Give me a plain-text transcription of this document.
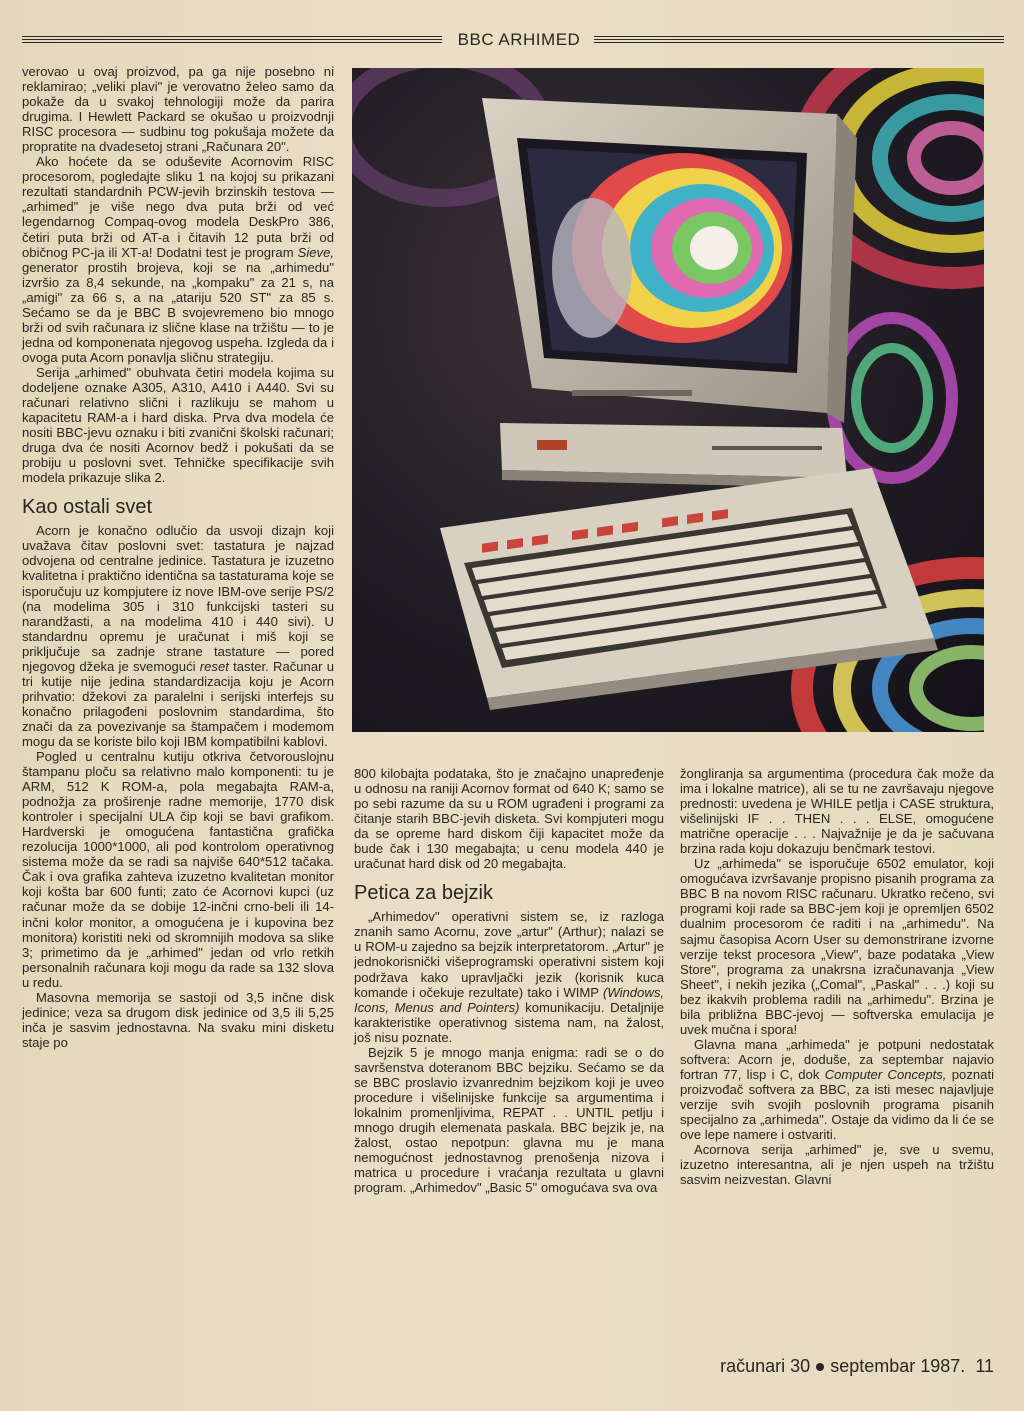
BBC ARHIMED

verovao u ovaj proizvod, pa ga nije posebno ni reklamirao; „veliki plavi" je verovatno želeo samo da pokaže da u svakoj tehnologiji može da parira drugima. I Hewlett Packard se okušao u proizvodnji RISC procesora — sudbinu tog pokušaja možete da propratite na dvadesetoj strani „Računara 20".

Ako hoćete da se oduševite Acornovim RISC procesorom, pogledajte sliku 1 na kojoj su prikazani rezultati standardnih PCW-jevih brzinskih testova — „arhimed" je više nego dva puta brži od već legendarnog Compaq-ovog modela DeskPro 386, četiri puta brži od AT-a i čitavih 12 puta brži od običnog PC-ja ili XT-a! Dodatni test je program Sieve, generator prostih brojeva, koji se na „arhimedu" izvršio za 8,4 sekunde, na „kompaku" za 21 s, na „amigi" za 66 s, a na „atariju 520 ST" za 85 s. Sećamo se da je BBC B svojevremeno bio mnogo brži od svih računara iz slične klase na tržištu — to je jedna od komponenata njegovog uspeha. Izgleda da i ovoga puta Acorn ponavlja sličnu strategiju.

Serija „arhimed" obuhvata četiri modela kojima su dodeljene oznake A305, A310, A410 i A440. Svi su računari relativno slični i razlikuju se mahom u kapacitetu RAM-a i hard diska. Prva dva modela će nositi BBC-jevu oznaku i biti zvanični školski računari; druga dva će nositi Acornov bedž i pokušati da se probiju u poslovni svet. Tehničke specifikacije svih modela prikazuje slika 2.

Kao ostali svet

Acorn je konačno odlučio da usvoji dizajn koji uvažava čitav poslovni svet: tastatura je najzad odvojena od centralne jedinice. Tastatura je izuzetno kvalitetna i praktično identična sa tastaturama koje se isporučuju uz kompjutere iz nove IBM-ove serije PS/2 (na modelima 305 i 310 funkcijski tasteri su narandžasti, a na modelima 410 i 440 sivi). U standardnu opremu je uračunat i miš koji se priključuje sa zadnje strane tastature — pored njegovog džeka je svemogući reset taster. Računar u tri kutije nije jedina standardizacija koju je Acorn prihvatio: džekovi za paralelni i serijski interfejs su konačno prilagođeni poslovnim standardima, što znači da za povezivanje sa štampačem i modemom mogu da se koriste bilo koji IBM kompatibilni kablovi.

Pogled u centralnu kutiju otkriva četvorouslojnu štampanu ploču sa relativno malo komponenti: tu je ARM, 512 K ROM-a, pola megabajta RAM-a, podnožja za proširenje radne memorije, 1770 disk kontroler i specijalni ULA čip koji se bavi grafikom. Hardverski je omogućena fantastična grafička rezolucija 1000*1000, ali pod kontrolom operativnog sistema može da se radi sa najviše 640*512 tačaka. Čak i ova grafika zahteva izuzetno kvalitetan monitor koji košta bar 600 funti; zato će Acornovi kupci (uz računar može da se dobije 12-inčni crno-beli ili 14-inčni kolor monitor, a omogućena je i kupovina bez monitora) koristiti neki od skromnijih modova sa slike 3; primetimo da je „arhimed" jedan od vrlo retkih personalnih računara koji mogu da rade sa 132 slova u redu.

Masovna memorija se sastoji od 3,5 inčne disk jedinice; veza sa drugom disk jedinice od 3,5 ili 5,25 inča je sasvim jednostavna. Na svaku mini disketu staje po

800 kilobajta podataka, što je značajno unapređenje u odnosu na raniji Acornov format od 640 K; samo se po sebi razume da su u ROM ugrađeni i programi za čitanje starih BBC-jevih disketa. Svi kompjuteri mogu da se opreme hard diskom čiji kapacitet može da bude čak i 130 megabajta; u cenu modela 440 je uračunat hard disk od 20 megabajta.

Petica za bejzik

„Arhimedov" operativni sistem se, iz razloga znanih samo Acornu, zove „artur" (Arthur); nalazi se u ROM-u zajedno sa bejzik interpretatorom. „Artur" je jednokorisnički višeprogramski operativni sistem koji podržava kako upravljački jezik (korisnik kuca komande i očekuje rezultate) tako i WIMP (Windows, Icons, Menus and Pointers) komunikaciju. Detaljnije karakteristike operativnog sistema nam, na žalost, još nisu poznate.

Bejzik 5 je mnogo manja enigma: radi se o do savršenstva doteranom BBC bejziku. Sećamo se da se BBC proslavio izvanrednim bejzikom koji je uveo procedure i višelinijske funkcije sa argumentima i lokalnim promenljivima, REPAT . . UNTIL petlju i mnogo drugih elemenata paskala. BBC bejzik je, na žalost, ostao nepotpun: glavna mu je mana nemogućnost jednostavnog prenošenja nizova i matrica u procedure i vraćanja rezultata u glavni program. „Arhimedov" „Basic 5" omogućava sva ova

žongliranja sa argumentima (procedura čak može da ima i lokalne matrice), ali se tu ne završavaju njegove prednosti: uvedena je WHILE petlja i CASE struktura, višelinijski IF . . THEN . . . ELSE, omogućene matrične operacije . . . Najvažnije je da je sačuvana brzina rada koju dokazuju benčmark testovi.

Uz „arhimeda" se isporučuje 6502 emulator, koji omogućava izvršavanje propisno pisanih programa za BBC B na novom RISC računaru. Ukratko rečeno, svi programi koji rade sa BBC-jem koji je opremljen 6502 dualnim procesorom će raditi i na „arhimedu". Na sajmu časopisa Acorn User su demonstrirane izvorne verzije tekst procesora „View", baze podataka „View Store", programa za unakrsna izračunavanja „View Sheet", i nekih jezika („Comal", „Paskal" . . .) koji su bez ikakvih problema radili na „arhimedu". Brzina je bila približna BBC-jevoj — softverska emulacija je uvek mučna i spora!

Glavna mana „arhimeda" je potpuni nedostatak softvera: Acorn je, doduše, za septembar najavio fortran 77, lisp i C, dok Computer Concepts, poznati proizvođač softvera za BBC, za isti mesec najavljuje verzije svih svojih poslovnih programa pisanih specijalno za „arhimeda". Ostaje da vidimo da li će se ove lepe namere i ostvariti.

Acornova serija „arhimed" je, sve u svemu, izuzetno interesantna, ali je njen uspeh na tržištu sasvim neizvestan. Glavni

računari 30 septembar 1987. 11
